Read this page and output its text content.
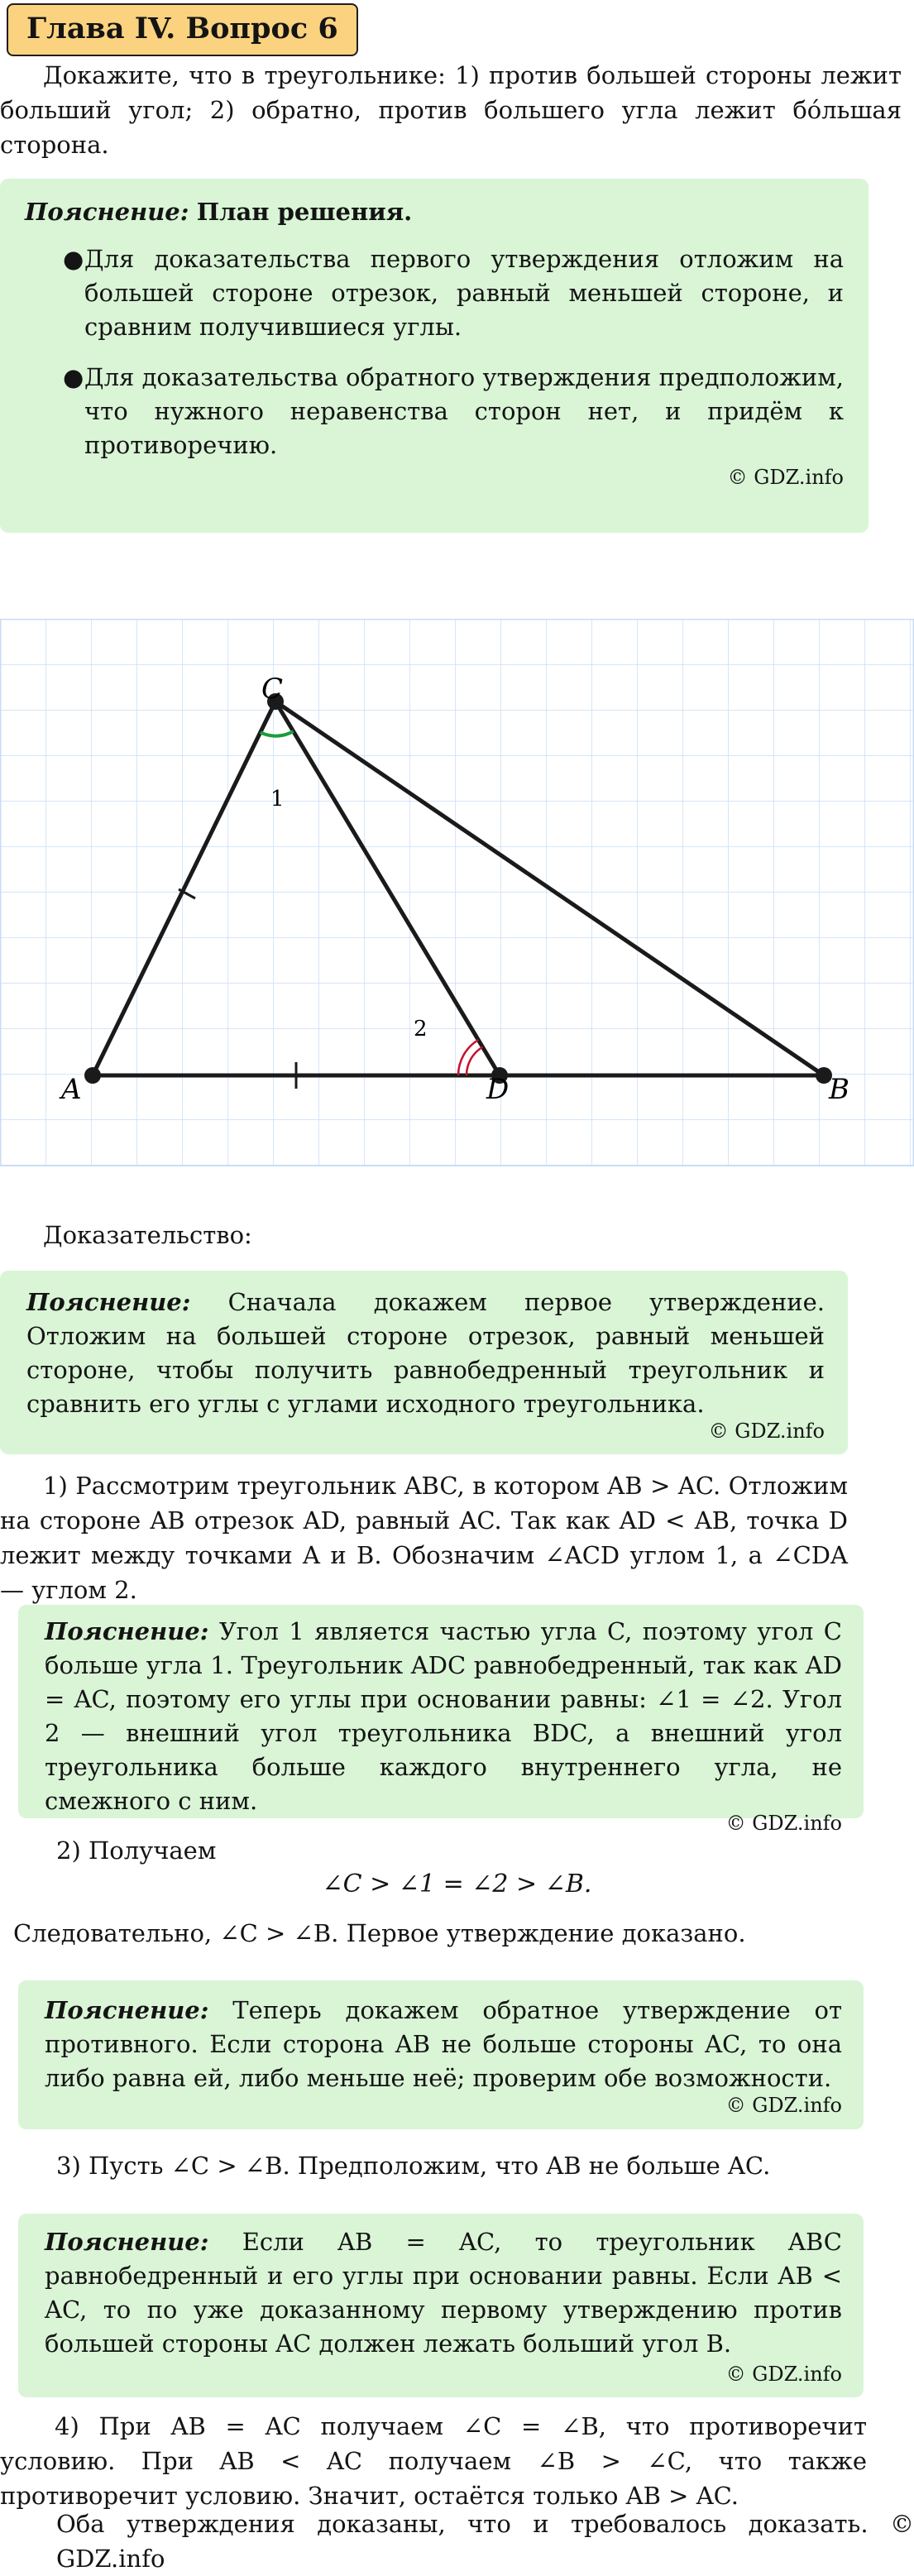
Глава IV. Вопрос 6
Докажите, что в треугольнике: 1) против большей стороны лежит больший угол; 2) обратно, против большего угла лежит бóльшая сторона.
Пояснение: План решения.
● Для доказательства первого утверждения отложим на большей стороне отрезок, равный меньшей стороне, и сравним получившиеся углы.
● Для доказательства обратного утверждения предположим, что нужного неравенства сторон нет, и придём к противоречию.
© GDZ.info
A
C
D	B
1
2
Доказательство:
Пояснение: Сначала докажем первое утверждение. Отложим на большей стороне отрезок, равный меньшей стороне, чтобы получить равнобедренный треугольник и сравнить его углы с углами исходного треугольника.
© GDZ.info
1) Рассмотрим треугольник ABC, в котором AB > AC. Отложим на стороне AB отрезок AD, равный AC. Так как AD < AB, точка D лежит между точками A и B. Обозначим ∠ACD углом 1, а ∠CDA — углом 2.
Пояснение: Угол 1 является частью угла C, поэтому угол C больше угла 1. Треугольник ADC равнобедренный, так как AD = AC, поэтому его углы при основании равны: ∠1 = ∠2. Угол 2 — внешний угол треугольника BDC, а внешний угол треугольника больше каждого внутреннего угла, не смежного с ним.
© GDZ.info
2) Получаем
∠C > ∠1 = ∠2 > ∠B.
Следовательно, ∠C > ∠B. Первое утверждение доказано.
Пояснение: Теперь докажем обратное утверждение от противного. Если сторона AB не больше стороны AC, то она либо равна ей, либо меньше неё; проверим обе возможности.
© GDZ.info
3) Пусть ∠C > ∠B. Предположим, что AB не больше AC.
Пояснение: Если AB = AC, то треугольник ABC равнобедренный и его углы при основании равны. Если AB < AC, то по уже доказанному первому утверждению против большей стороны AC должен лежать больший угол B.
© GDZ.info
4) При AB = AC получаем ∠C = ∠B, что противоречит условию. При AB < AC получаем ∠B > ∠C, что также противоречит условию. Значит, остаётся только AB > AC.
Оба утверждения доказаны, что и требовалось доказать. © GDZ.info
